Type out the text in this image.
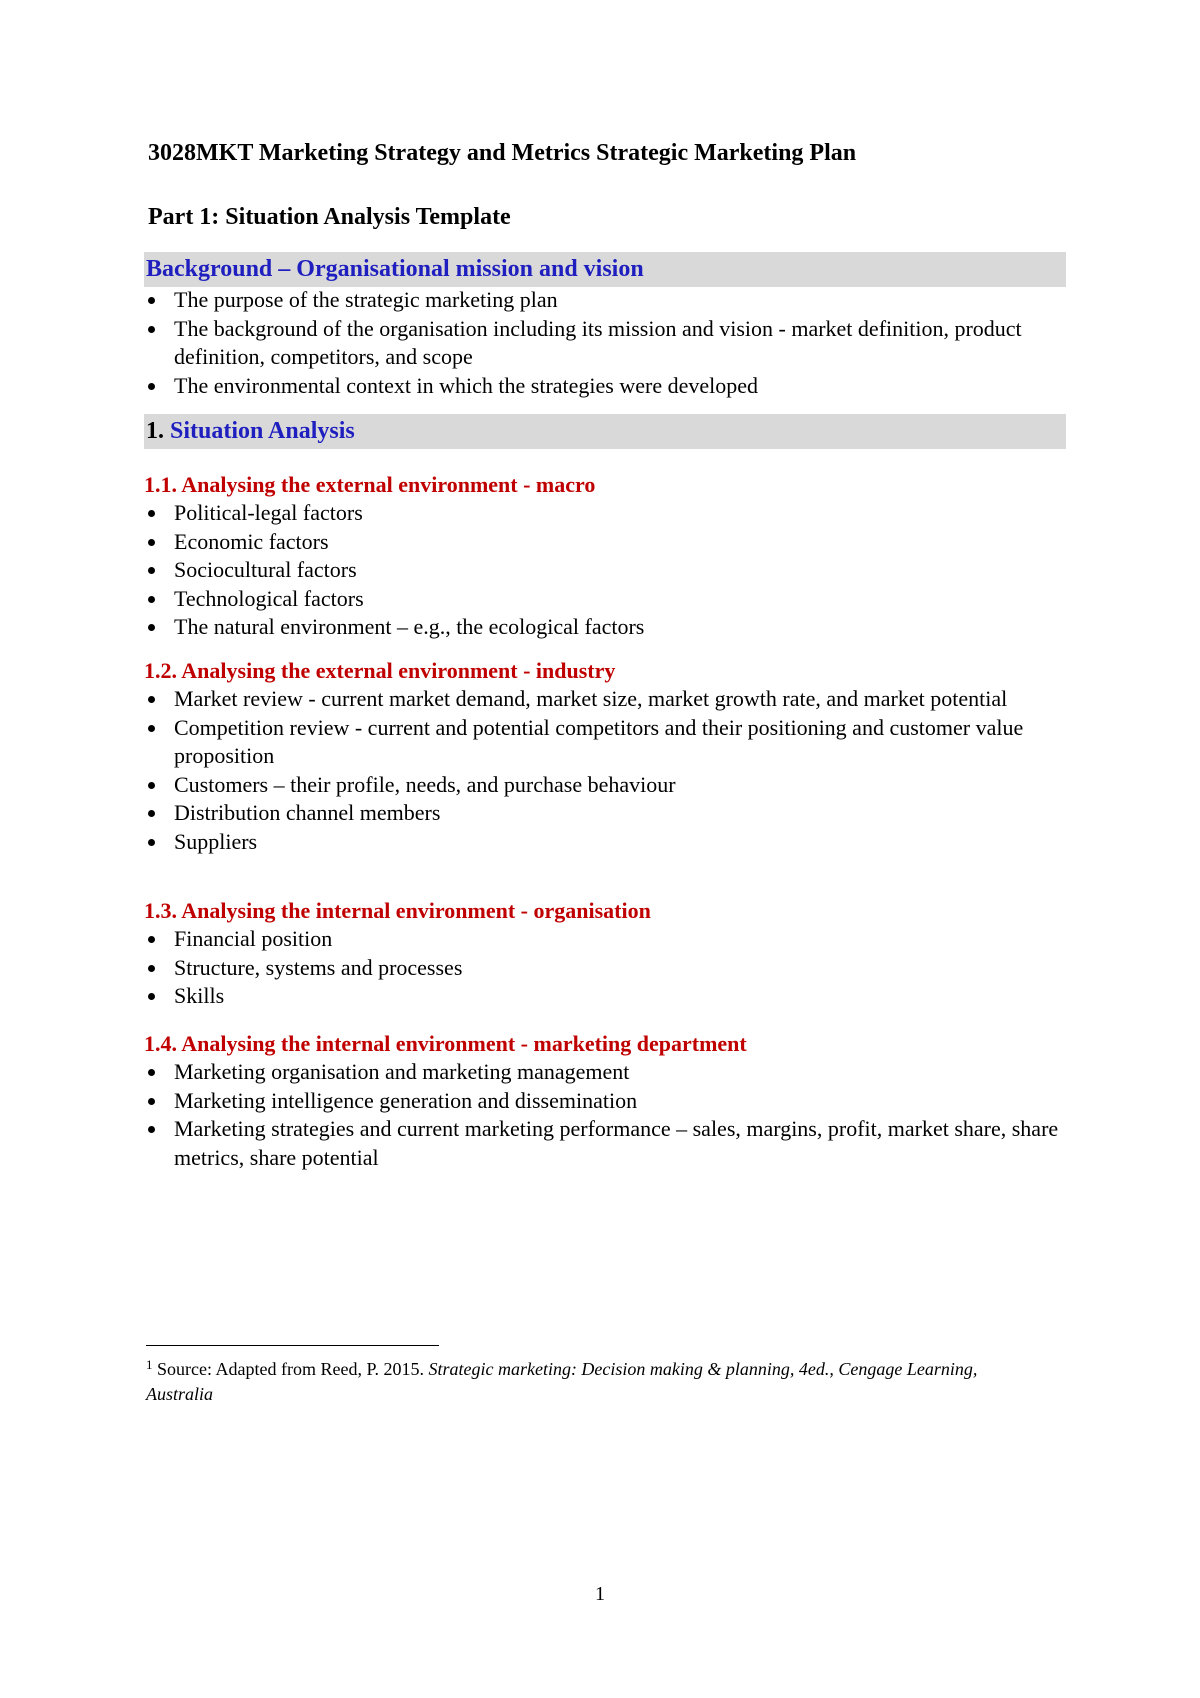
3028MKT Marketing Strategy and Metrics Strategic Marketing Plan
Part 1: Situation Analysis Template
Background – Organisational mission and vision
The purpose of the strategic marketing plan
The background of the organisation including its mission and vision - market definition, product definition, competitors, and scope
The environmental context in which the strategies were developed
1. Situation Analysis
1.1. Analysing the external environment - macro
Political-legal factors
Economic factors
Sociocultural factors
Technological factors
The natural environment – e.g., the ecological factors
1.2. Analysing the external environment - industry
Market review - current market demand, market size, market growth rate, and market potential
Competition review - current and potential competitors and their positioning and customer value proposition
Customers – their profile, needs, and purchase behaviour
Distribution channel members
Suppliers
1.3. Analysing the internal environment - organisation
Financial position
Structure, systems and processes
Skills
1.4. Analysing the internal environment - marketing department
Marketing organisation and marketing management
Marketing intelligence generation and dissemination
Marketing strategies and current marketing performance – sales, margins, profit, market share, share metrics, share potential
$^1$ Source: Adapted from Reed, P. 2015. Strategic marketing: Decision making & planning, 4ed., Cengage Learning, Australia
1
